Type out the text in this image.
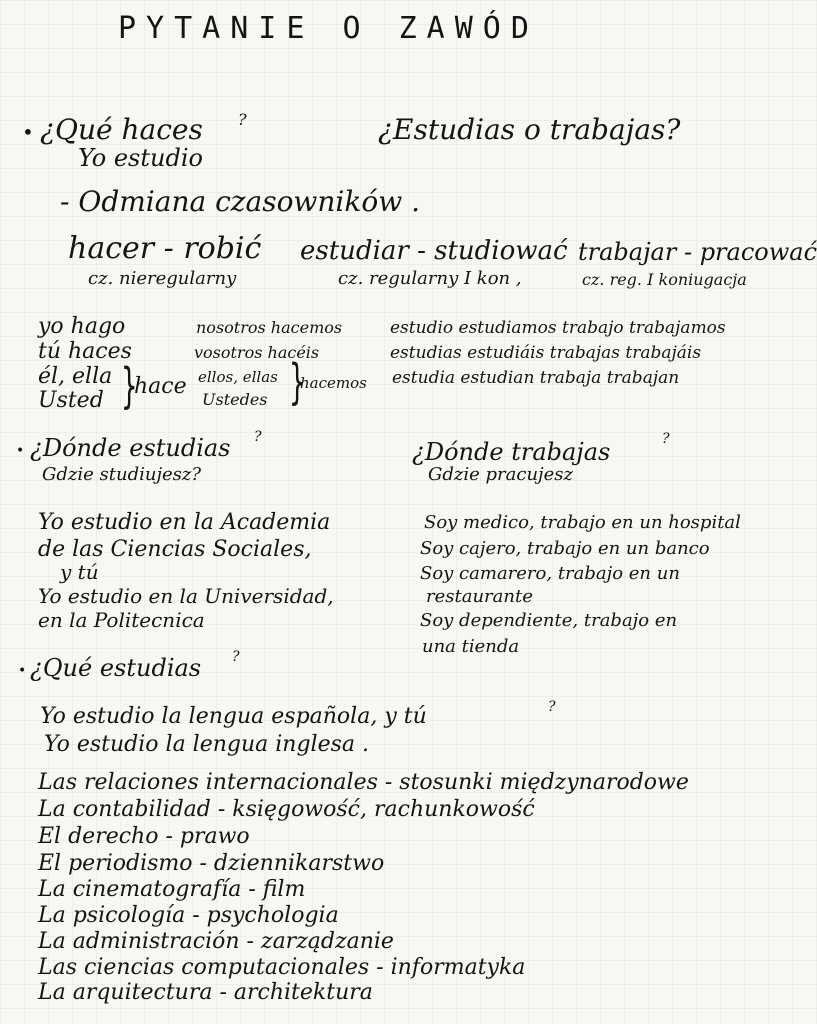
PYTANIE O ZAWÓD
• ¿Qué haces ?
Yo estudio
¿Estudias o trabajas?
- Odmiana czasowników .
hacer - robić
cz. nieregularny
estudiar - studiować
cz. regularny I kon ,
trabajar - pracować
cz. reg. I koniugacja
yo hago
tú haces
él, ella
Usted }
hace
nosotros hacemos
vosotros hacéis
ellos, ellas
Ustedes }
hacemos
estudio estudiamos trabajo trabajamos
estudias estudiáis trabajas trabajáis
estudia estudian trabaja trabajan
• ¿Dónde estudias ?
Gdzie studiujesz?
Yo estudio en la Academia
de las Ciencias Sociales,
y tú
Yo estudio en la Universidad,
en la Politecnica
¿Dónde trabajas	?
Gdzie pracujesz
Soy medico, trabajo en un hospital
Soy cajero, trabajo en un banco
Soy camarero, trabajo en un
restaurante
Soy dependiente, trabajo en
una tienda
• ¿Qué estudias ?
Yo estudio la lengua española, y tú	?
Yo estudio la lengua inglesa .
Las relaciones internacionales - stosunki międzynarodowe
La contabilidad - księgowość, rachunkowość
El derecho - prawo
El periodismo - dziennikarstwo
La cinematografía - film
La psicología - psychologia
La administración - zarządzanie
Las ciencias computacionales - informatyka
La arquitectura - architektura
